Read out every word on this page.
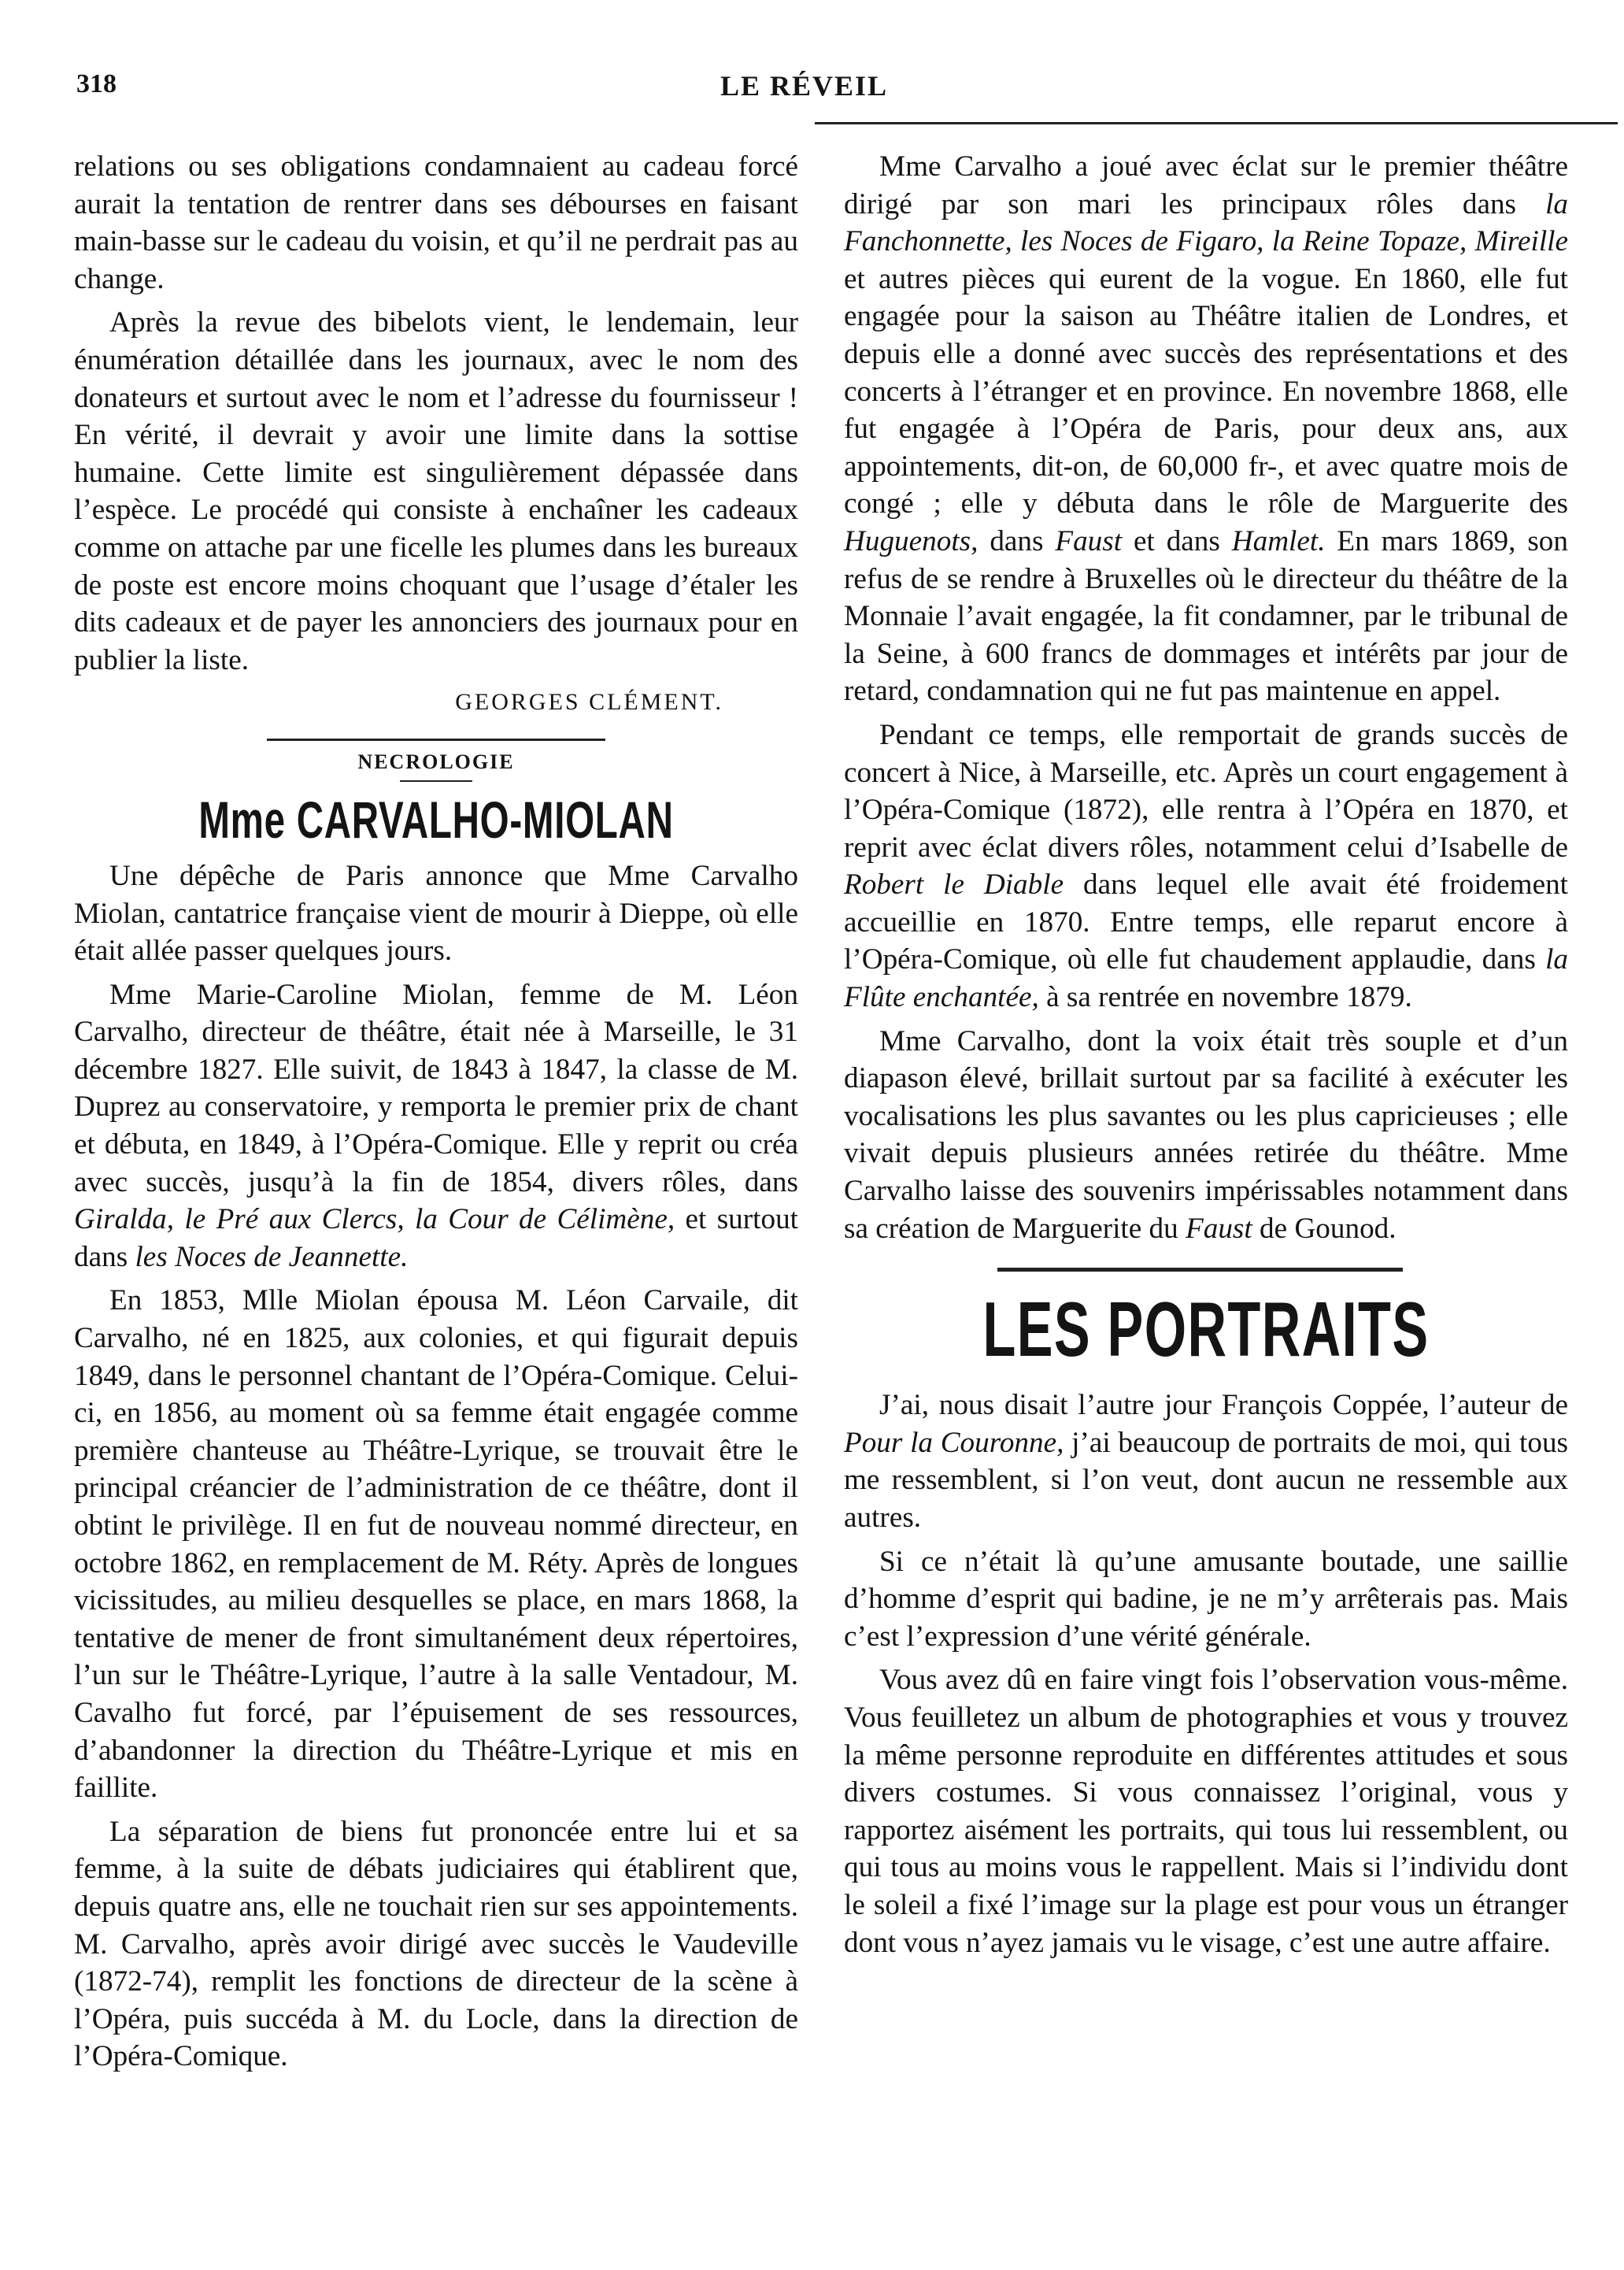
318	LE RÉVEIL

relations ou ses obligations condamnaient au cadeau forcé aurait la tentation de rentrer dans ses débourses en faisant main-basse sur le cadeau du voisin, et qu’il ne perdrait pas au change.

Après la revue des bibelots vient, le lendemain, leur énumération détaillée dans les journaux, avec le nom des donateurs et surtout avec le nom et l’adresse du fournisseur ! En vérité, il devrait y avoir une limite dans la sottise humaine. Cette limite est singulièrement dépassée dans l’espèce. Le procédé qui consiste à enchaîner les cadeaux comme on attache par une ficelle les plumes dans les bureaux de poste est encore moins choquant que l’usage d’étaler les dits cadeaux et de payer les annonciers des journaux pour en publier la liste.

GEORGES CLÉMENT.
NECROLOGIE
Mme CARVALHO-MIOLAN

Une dépêche de Paris annonce que Mme Carvalho Miolan, cantatrice française vient de mourir à Dieppe, où elle était allée passer quelques jours.

Mme Marie-Caroline Miolan, femme de M. Léon Carvalho, directeur de théâtre, était née à Marseille, le 31 décembre 1827. Elle suivit, de 1843 à 1847, la classe de M. Duprez au conservatoire, y remporta le premier prix de chant et débuta, en 1849, à l’Opéra-Comique. Elle y reprit ou créa avec succès, jusqu’à la fin de 1854, divers rôles, dans Giralda, le Pré aux Clercs, la Cour de Célimène, et surtout dans les Noces de Jeannette.

En 1853, Mlle Miolan épousa M. Léon Carvaile, dit Carvalho, né en 1825, aux colonies, et qui figurait depuis 1849, dans le personnel chantant de l’Opéra-Comique. Celui-ci, en 1856, au moment où sa femme était engagée comme première chanteuse au Théâtre-Lyrique, se trouvait être le principal créancier de l’administration de ce théâtre, dont il obtint le privilège. Il en fut de nouveau nommé directeur, en octobre 1862, en remplacement de M. Réty. Après de longues vicissitudes, au milieu desquelles se place, en mars 1868, la tentative de mener de front simultanément deux répertoires, l’un sur le Théâtre-Lyrique, l’autre à la salle Ventadour, M. Cavalho fut forcé, par l’épuisement de ses ressources, d’abandonner la direction du Théâtre-Lyrique et mis en faillite.

La séparation de biens fut prononcée entre lui et sa femme, à la suite de débats judiciaires qui établirent que, depuis quatre ans, elle ne touchait rien sur ses appointements. M. Carvalho, après avoir dirigé avec succès le Vaudeville (1872-74), remplit les fonctions de directeur de la scène à l’Opéra, puis succéda à M. du Locle, dans la direction de l’Opéra-Comique.

Mme Carvalho a joué avec éclat sur le premier théâtre dirigé par son mari les principaux rôles dans la Fanchonnette, les Noces de Figaro, la Reine Topaze, Mireille et autres pièces qui eurent de la vogue. En 1860, elle fut engagée pour la saison au Théâtre italien de Londres, et depuis elle a donné avec succès des représentations et des concerts à l’étranger et en province. En novembre 1868, elle fut engagée à l’Opéra de Paris, pour deux ans, aux appointements, dit-on, de 60,000 fr-, et avec quatre mois de congé ; elle y débuta dans le rôle de Marguerite des Huguenots, dans Faust et dans Hamlet. En mars 1869, son refus de se rendre à Bruxelles où le directeur du théâtre de la Monnaie l’avait engagée, la fit condamner, par le tribunal de la Seine, à 600 francs de dommages et intérêts par jour de retard, condamnation qui ne fut pas maintenue en appel.

Pendant ce temps, elle remportait de grands succès de concert à Nice, à Marseille, etc. Après un court engagement à l’Opéra-Comique (1872), elle rentra à l’Opéra en 1870, et reprit avec éclat divers rôles, notamment celui d’Isabelle de Robert le Diable dans lequel elle avait été froidement accueillie en 1870. Entre temps, elle reparut encore à l’Opéra-Comique, où elle fut chaudement applaudie, dans la Flûte enchantée, à sa rentrée en novembre 1879.

Mme Carvalho, dont la voix était très souple et d’un diapason élevé, brillait surtout par sa facilité à exécuter les vocalisations les plus savantes ou les plus capricieuses ; elle vivait depuis plusieurs années retirée du théâtre. Mme Carvalho laisse des souvenirs impérissables notamment dans sa création de Marguerite du Faust de Gounod.

LES PORTRAITS

J’ai, nous disait l’autre jour François Coppée, l’auteur de Pour la Couronne, j’ai beaucoup de portraits de moi, qui tous me ressemblent, si l’on veut, dont aucun ne ressemble aux autres.

Si ce n’était là qu’une amusante boutade, une saillie d’homme d’esprit qui badine, je ne m’y arrêterais pas. Mais c’est l’expression d’une vérité générale.

Vous avez dû en faire vingt fois l’observation vous-même. Vous feuilletez un album de photographies et vous y trouvez la même personne reproduite en différentes attitudes et sous divers costumes. Si vous connaissez l’original, vous y rapportez aisément les portraits, qui tous lui ressemblent, ou qui tous au moins vous le rappellent. Mais si l’individu dont le soleil a fixé l’image sur la plage est pour vous un étranger dont vous n’ayez jamais vu le visage, c’est une autre affaire.
